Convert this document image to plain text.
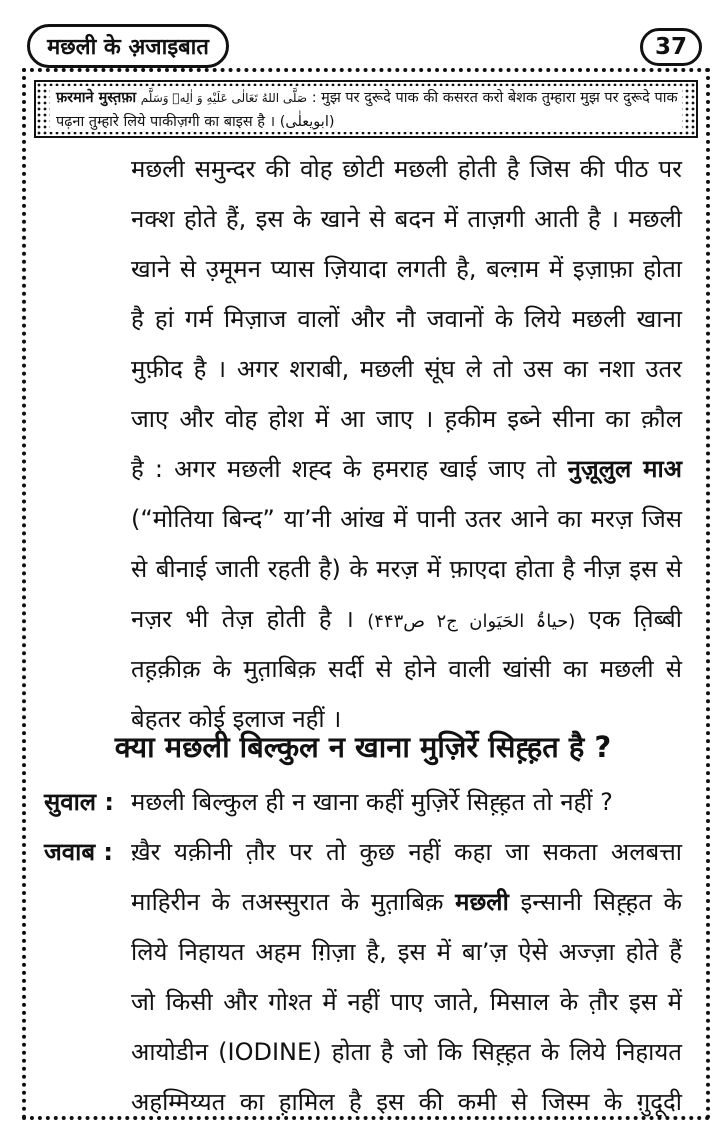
मछली के अ़जाइबात	37
फ़रमाने मुस्त़फ़ा صَلَّى اللهُ تَعَالٰى عَلَيْهِ وَ اٰلِهٖ وَسَلَّم : मुझ पर दुरूदे पाक की कसरत करो बेशक तुम्हारा मुझ पर दुरूदे पाक
पढ़ना तुम्हारे लिये पाकीज़गी का बाइस है । (ابویعلٰی)
मछली समुन्दर की वोह छोटी मछली होती है जिस की पीठ पर
नक्श होते हैं, इस के खाने से बदन में ताज़गी आती है । मछली
खाने से उ़मूमन प्यास ज़ियादा लगती है, बल्ग़म में इज़ाफ़ा होता
है हां गर्म मिज़ाज वालों और नौ जवानों के लिये मछली खाना
मुफ़ीद है । अगर शराबी, मछली सूंघ ले तो उस का नशा उतर
जाए और वोह होश में आ जाए । ह़कीम इब्ने सीना का क़ौल
है : अगर मछली शह्द के हमराह खाई जाए तो नुज़ूलुल माअ
(“मोतिया बिन्द” या’नी आंख में पानी उतर आने का मरज़ जिस
से बीनाई जाती रहती है) के मरज़ में फ़ाएदा होता है नीज़ इस से
नज़र भी तेज़ होती है । (حیاۃُ الحَیَوان ج۲ ص۴۴۳) एक त़िब्बी
तह़क़ीक़ के मुत़ाबिक़ सर्दी से होने वाली खांसी का मछली से
बेहतर कोई इलाज नहीं ।
क्या मछली बिल्कुल न खाना मुज़िर्रे सिह़्ह़त है ?
सुवाल : मछली बिल्कुल ही न खाना कहीं मुज़िर्रे सिह़्ह़त तो नहीं ?
जवाब : ख़ैर यक़ीनी त़ौर पर तो कुछ नहीं कहा जा सकता अलबत्ता
माहिरीन के तअस्सुरात के मुत़ाबिक़ मछली इन्सानी सिह़्ह़त के
लिये निहायत अहम ग़िज़ा है, इस में बा’ज़ ऐसे अज्ज़ा होते हैं
जो किसी और गोश्त में नहीं पाए जाते, मिसाल के त़ौर इस में
आयोडीन (IODINE) होता है जो कि सिह़्ह़त के लिये निहायत
अहम्मिय्यत का ह़ामिल है इस की कमी से जिस्म के ग़ुदूदी
